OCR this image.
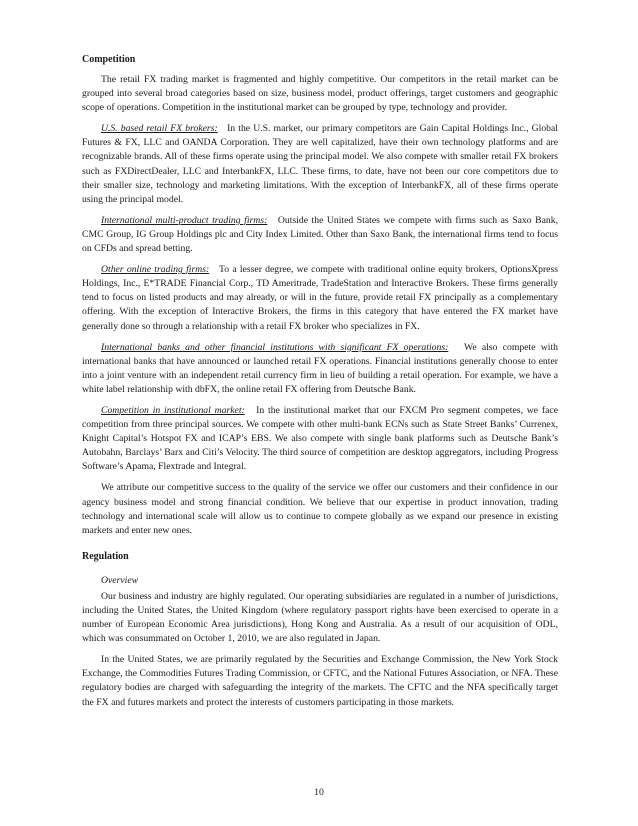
Competition

The retail FX trading market is fragmented and highly competitive. Our competitors in the retail market can be grouped into several broad categories based on size, business model, product offerings, target customers and geographic scope of operations. Competition in the institutional market can be grouped by type, technology and provider.

U.S. based retail FX brokers: In the U.S. market, our primary competitors are Gain Capital Holdings Inc., Global Futures & FX, LLC and OANDA Corporation. They are well capitalized, have their own technology platforms and are recognizable brands. All of these firms operate using the principal model. We also compete with smaller retail FX brokers such as FXDirectDealer, LLC and InterbankFX, LLC. These firms, to date, have not been our core competitors due to their smaller size, technology and marketing limitations. With the exception of InterbankFX, all of these firms operate using the principal model.

International multi-product trading firms: Outside the United States we compete with firms such as Saxo Bank, CMC Group, IG Group Holdings plc and City Index Limited. Other than Saxo Bank, the international firms tend to focus on CFDs and spread betting.

Other online trading firms: To a lesser degree, we compete with traditional online equity brokers, OptionsXpress Holdings, Inc., E*TRADE Financial Corp., TD Ameritrade, TradeStation and Interactive Brokers. These firms generally tend to focus on listed products and may already, or will in the future, provide retail FX principally as a complementary offering. With the exception of Interactive Brokers, the firms in this category that have entered the FX market have generally done so through a relationship with a retail FX broker who specializes in FX.

International banks and other financial institutions with significant FX operations: We also compete with international banks that have announced or launched retail FX operations. Financial institutions generally choose to enter into a joint venture with an independent retail currency firm in lieu of building a retail operation. For example, we have a white label relationship with dbFX, the online retail FX offering from Deutsche Bank.

Competition in institutional market: In the institutional market that our FXCM Pro segment competes, we face competition from three principal sources. We compete with other multi-bank ECNs such as State Street Banks’ Currenex, Knight Capital’s Hotspot FX and ICAP’s EBS. We also compete with single bank platforms such as Deutsche Bank’s Autobahn, Barclays’ Barx and Citi’s Velocity. The third source of competition are desktop aggregators, including Progress Software’s Apama, Flextrade and Integral.

We attribute our competitive success to the quality of the service we offer our customers and their confidence in our agency business model and strong financial condition. We believe that our expertise in product innovation, trading technology and international scale will allow us to continue to compete globally as we expand our presence in existing markets and enter new ones.

Regulation
Overview

Our business and industry are highly regulated. Our operating subsidiaries are regulated in a number of jurisdictions, including the United States, the United Kingdom (where regulatory passport rights have been exercised to operate in a number of European Economic Area jurisdictions), Hong Kong and Australia. As a result of our acquisition of ODL, which was consummated on October 1, 2010, we are also regulated in Japan.

In the United States, we are primarily regulated by the Securities and Exchange Commission, the New York Stock Exchange, the Commodities Futures Trading Commission, or CFTC, and the National Futures Association, or NFA. These regulatory bodies are charged with safeguarding the integrity of the markets. The CFTC and the NFA specifically target the FX and futures markets and protect the interests of customers participating in those markets.

10
